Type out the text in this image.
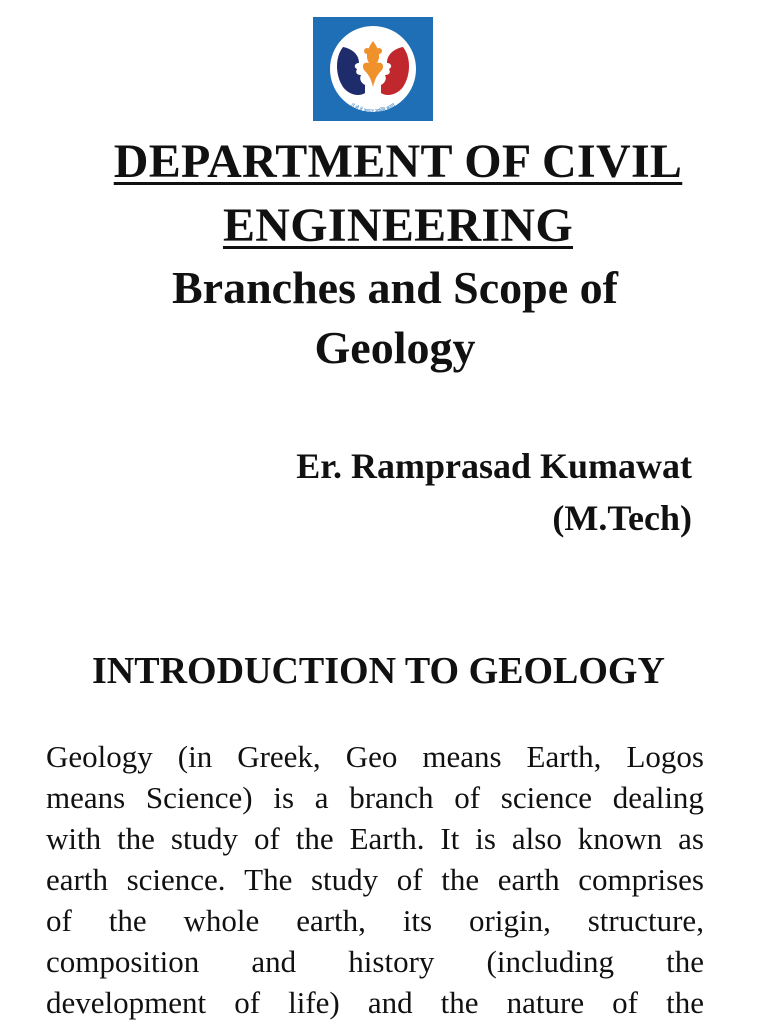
तं से वे वदातः स्वस्ति करतु
DEPARTMENT OF CIVIL
ENGINEERING
Branches and Scope of
Geology
Er. Ramprasad Kumawat
(M.Tech)
INTRODUCTION TO GEOLOGY
Geology (in Greek, Geo means Earth, Logos
means Science) is a branch of science dealing
with the study of the Earth. It is also known as
earth science. The study of the earth comprises
of the whole earth, its origin, structure,
composition and history (including the
development of life) and the nature of the
